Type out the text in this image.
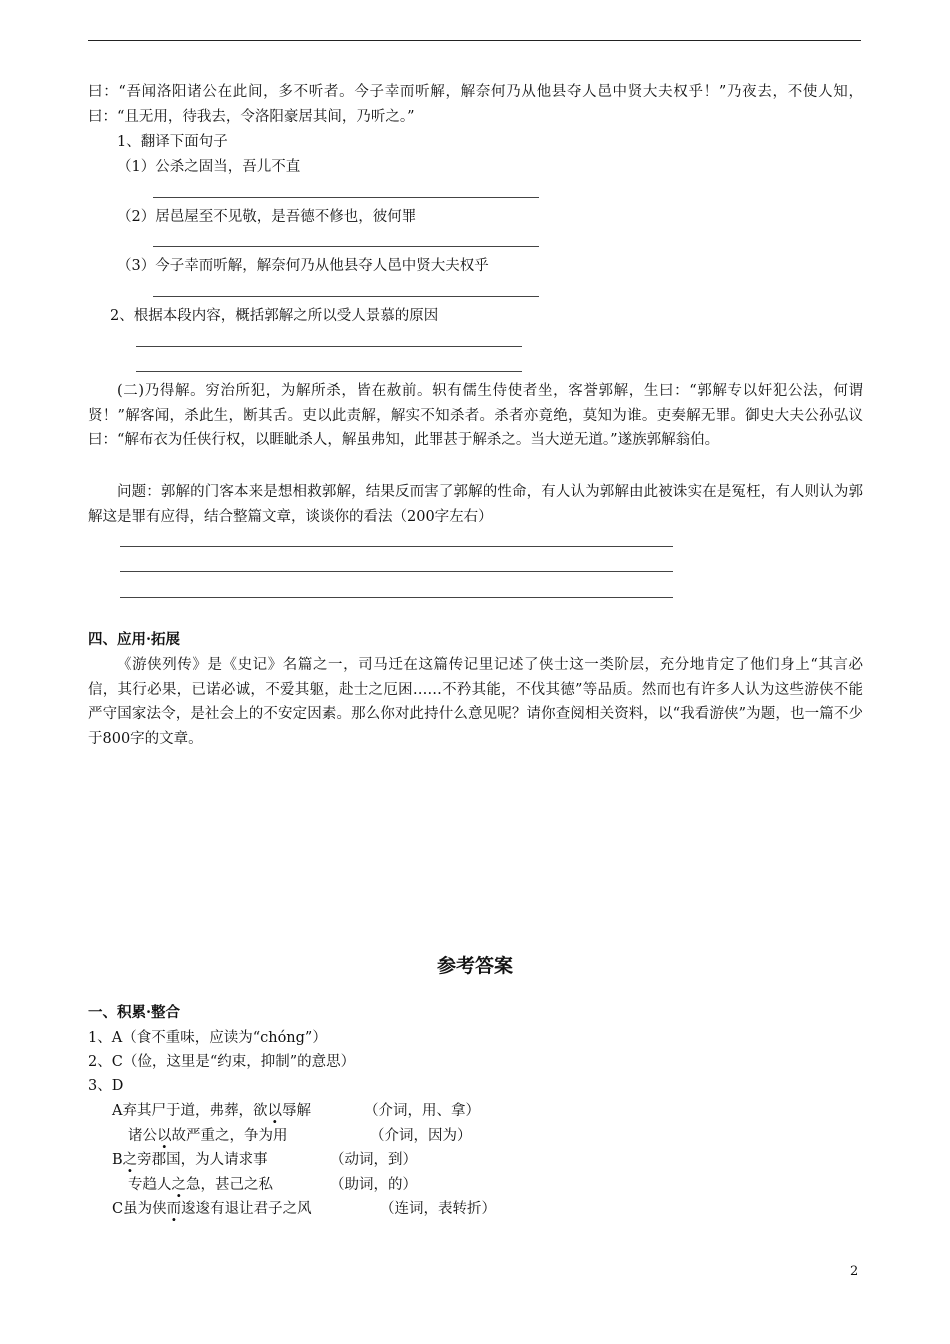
曰：“吾闻洛阳诸公在此间，多不听者。今子幸而听解，解奈何乃从他县夺人邑中贤大夫权乎！”乃夜去，不使人知，曰：“且无用，待我去，令洛阳豪居其间，乃听之。”
1、翻译下面句子
（1）公杀之固当，吾儿不直
（2）居邑屋至不见敬，是吾德不修也，彼何罪
（3）今子幸而听解，解奈何乃从他县夺人邑中贤大夫权乎
2、根据本段内容，概括郭解之所以受人景慕的原因
(二)乃得解。穷治所犯，为解所杀，皆在赦前。轵有儒生侍使者坐，客誉郭解，生曰：“郭解专以奸犯公法，何谓贤！”解客闻，杀此生，断其舌。吏以此责解，解实不知杀者。杀者亦竟绝，莫知为谁。吏奏解无罪。御史大夫公孙弘议曰：“解布衣为任侠行权，以睚眦杀人，解虽弗知，此罪甚于解杀之。当大逆无道。”遂族郭解翁伯。
问题：郭解的门客本来是想相救郭解，结果反而害了郭解的性命，有人认为郭解由此被诛实在是冤枉，有人则认为郭解这是罪有应得，结合整篇文章，谈谈你的看法（200字左右）
四、应用·拓展
《游侠列传》是《史记》名篇之一，司马迁在这篇传记里记述了侠士这一类阶层，充分地肯定了他们身上“其言必信，其行必果，已诺必诚，不爱其躯，赴士之厄困……不矜其能，不伐其德”等品质。然而也有许多人认为这些游侠不能严守国家法令，是社会上的不安定因素。那么你对此持什么意见呢？请你查阅相关资料，以“我看游侠”为题，也一篇不少于800字的文章。
参考答案
一、积累·整合
1、A（食不重味，应读为“chóng”）
2、C（俭，这里是“约束，抑制”的意思）
3、D
A弃其尸于道，弗葬，欲以辱解	（介词，用、拿）
诸公以故严重之，争为用	（介词，因为）
B之旁郡国，为人请求事	（动词，到）
专趋人之急，甚己之私	（助词，的）
C虽为侠而逡逡有退让君子之风	（连词，表转折）
2
